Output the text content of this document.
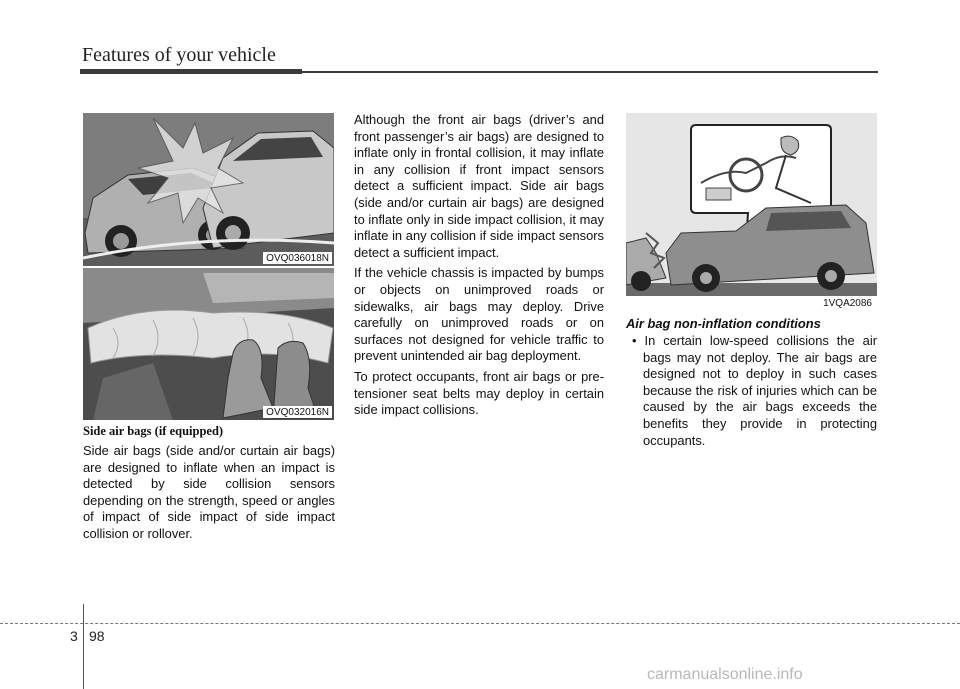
Features of your vehicle
OVQ036018N
OVQ032016N
Side air bags (if equipped)

Side air bags (side and/or curtain air bags) are designed to inflate when an impact is detected by side collision sensors depending on the strength, speed or angles of impact of side impact of side impact collision or rollover.

Although the front air bags (driver’s and front passenger’s air bags) are designed to inflate only in frontal collision, it may inflate in any collision if front impact sensors detect a sufficient impact. Side air bags (side and/or curtain air bags) are designed to inflate only in side impact collision, it may inflate in any collision if side impact sensors detect a sufficient impact.

If the vehicle chassis is impacted by bumps or objects on unimproved roads or sidewalks, air bags may deploy. Drive carefully on unimproved roads or on surfaces not designed for vehicle traffic to prevent unintended air bag deployment.

To protect occupants, front air bags or pre-tensioner seat belts may deploy in certain side impact collisions.

1VQA2086
Air bag non-inflation conditions
• In certain low-speed collisions the air bags may not deploy. The air bags are designed not to deploy in such cases because the risk of injuries which can be caused by the air bags exceeds the benefits they provide in protecting occupants.
3 98
carmanualsonline.info
